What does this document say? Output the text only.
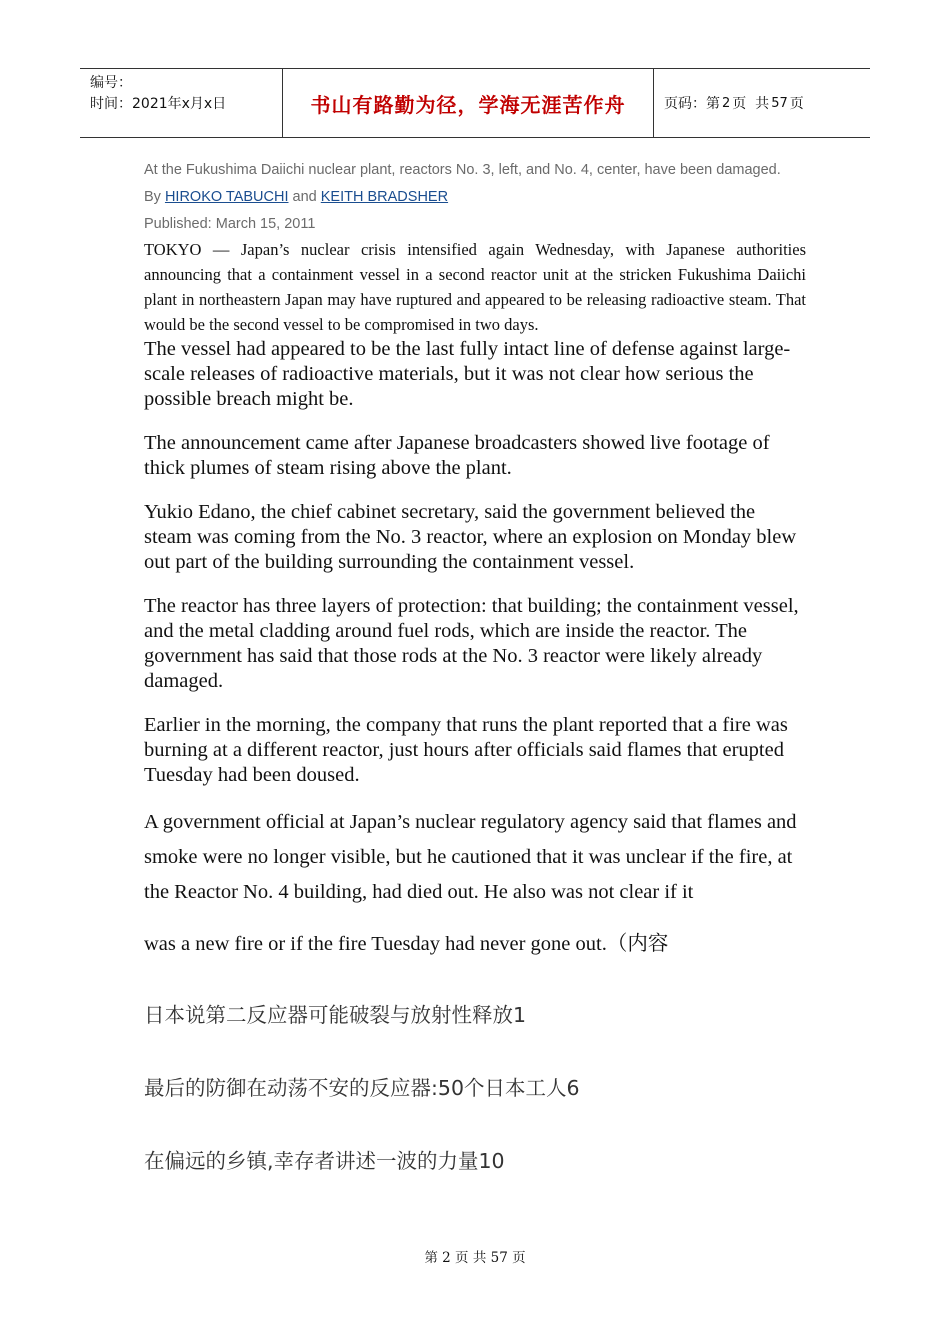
编号：
时间：2021年x月x日	书山有路勤为径，学海无涯苦作舟	页码：第 2 页  共 57 页

At the Fukushima Daiichi nuclear plant, reactors No. 3, left, and No. 4, center, have been damaged.

By HIROKO TABUCHI and KEITH BRADSHER

Published: March 15, 2011

TOKYO — Japan’s nuclear crisis intensified again Wednesday, with Japanese authorities announcing that a containment vessel in a second reactor unit at the stricken Fukushima Daiichi plant in northeastern Japan may have ruptured and appeared to be releasing radioactive steam. That would be the second vessel to be compromised in two days.

The vessel had appeared to be the last fully intact line of defense against large-scale releases of radioactive materials, but it was not clear how serious the possible breach might be.

The announcement came after Japanese broadcasters showed live footage of thick plumes of steam rising above the plant.

Yukio Edano, the chief cabinet secretary, said the government believed the steam was coming from the No. 3 reactor, where an explosion on Monday blew out part of the building surrounding the containment vessel.

The reactor has three layers of protection: that building; the containment vessel, and the metal cladding around fuel rods, which are inside the reactor. The government has said that those rods at the No. 3 reactor were likely already damaged.

Earlier in the morning, the company that runs the plant reported that a fire was burning at a different reactor, just hours after officials said flames that erupted Tuesday had been doused.

A government official at Japan’s nuclear regulatory agency said that flames and smoke were no longer visible, but he cautioned that it was unclear if the fire, at the Reactor No. 4 building, had died out. He also was not clear if it

was a new fire or if the fire Tuesday had never gone out.（内容

日本说第二反应器可能破裂与放射性释放1

最后的防御在动荡不安的反应器:50个日本工人6

在偏远的乡镇,幸存者讲述一波的力量10

第 2 页 共 57 页
